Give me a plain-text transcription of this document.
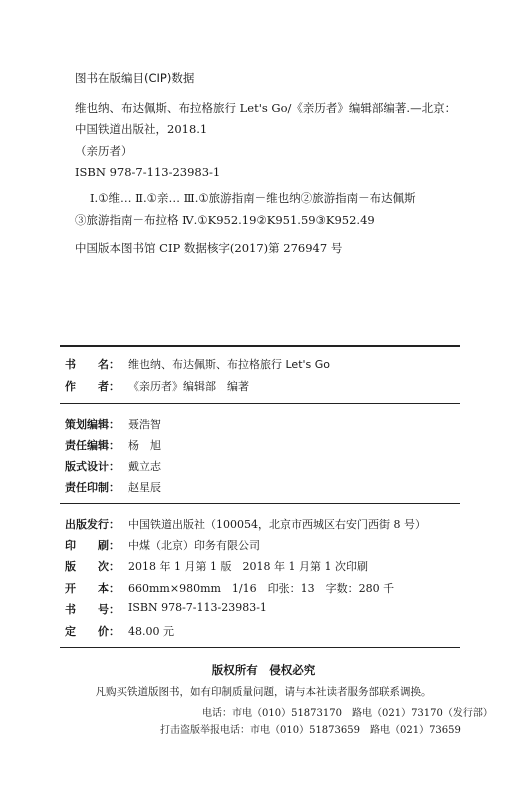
图书在版编目(CIP)数据
维也纳、布达佩斯、布拉格旅行 Let's Go/《亲历者》编辑部编著.—北京：
中国铁道出版社，2018.1
（亲历者）
ISBN 978-7-113-23983-1
Ⅰ.①维… Ⅱ.①亲… Ⅲ.①旅游指南－维也纳②旅游指南－布达佩斯
③旅游指南－布拉格 Ⅳ.①K952.19②K951.59③K952.49
中国版本图书馆 CIP 数据核字(2017)第 276947 号
书　　名： 维也纳、布达佩斯、布拉格旅行 Let's Go
作　　者： 《亲历者》编辑部　编著
策划编辑： 聂浩智
责任编辑： 杨　旭
版式设计： 戴立志
责任印制： 赵星辰
出版发行： 中国铁道出版社（100054，北京市西城区右安门西街 8 号）
印　　刷： 中煤（北京）印务有限公司
版　　次： 2018 年 1 月第 1 版　2018 年 1 月第 1 次印刷
开　　本： 660mm×980mm　1/16　印张：13　字数：280 千
书　　号： ISBN 978-7-113-23983-1
定　　价： 48.00 元
版权所有　侵权必究
凡购买铁道版图书，如有印制质量问题，请与本社读者服务部联系调换。
电话：市电（010）51873170　路电（021）73170（发行部）
打击盗版举报电话：市电（010）51873659　路电（021）73659
